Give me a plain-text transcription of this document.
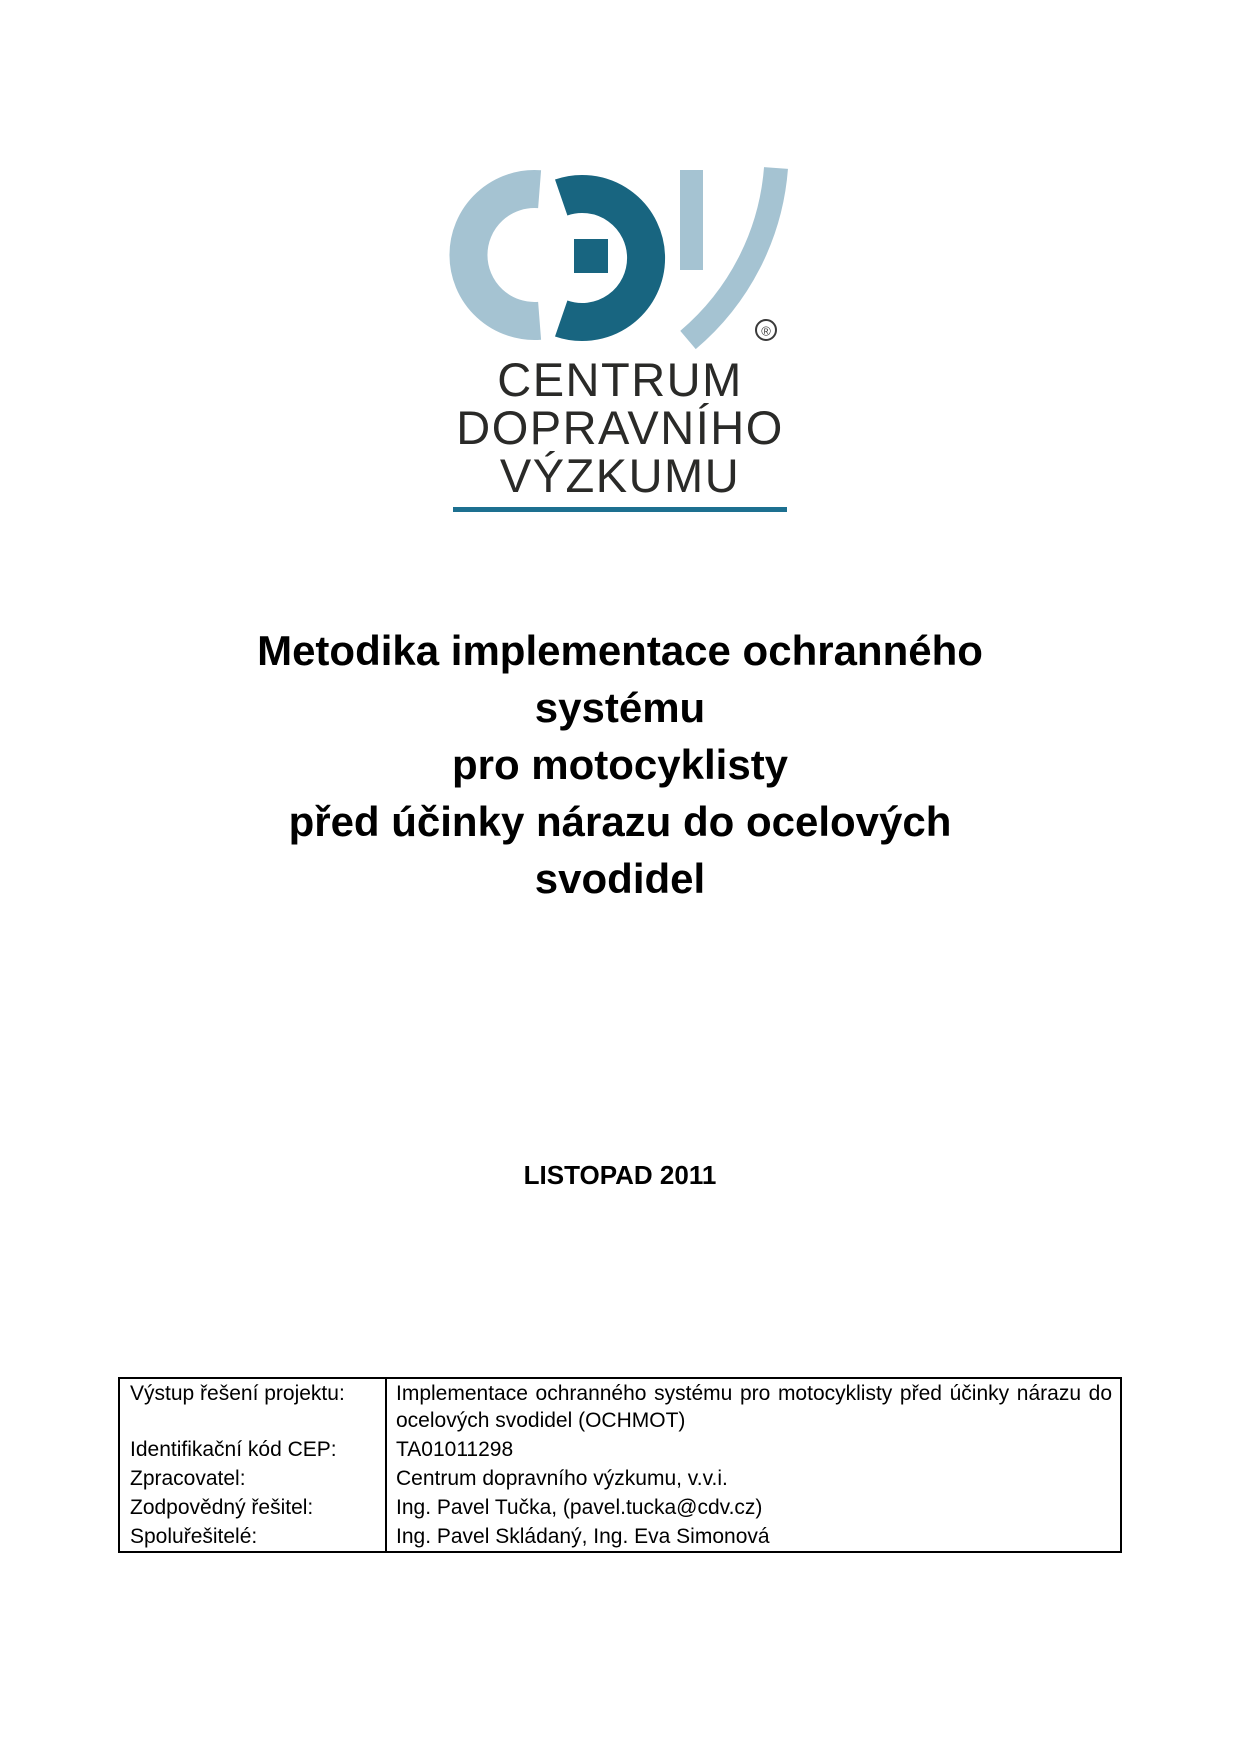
®
CENTRUM
DOPRAVNÍHO
VÝZKUMU
Metodika implementace ochranného
systému
pro motocyklisty
před účinky nárazu do ocelových
svodidel
LISTOPAD 2011
Výstup řešení projektu:	Implementace ochranného systému pro motocyklisty před účinky nárazu do ocelových svodidel (OCHMOT)
Identifikační kód CEP:	TA01011298
Zpracovatel:	Centrum dopravního výzkumu, v.v.i.
Zodpovědný řešitel:	Ing. Pavel Tučka, (pavel.tucka@cdv.cz)
Spoluřešitelé:	Ing. Pavel Skládaný, Ing. Eva Simonová
